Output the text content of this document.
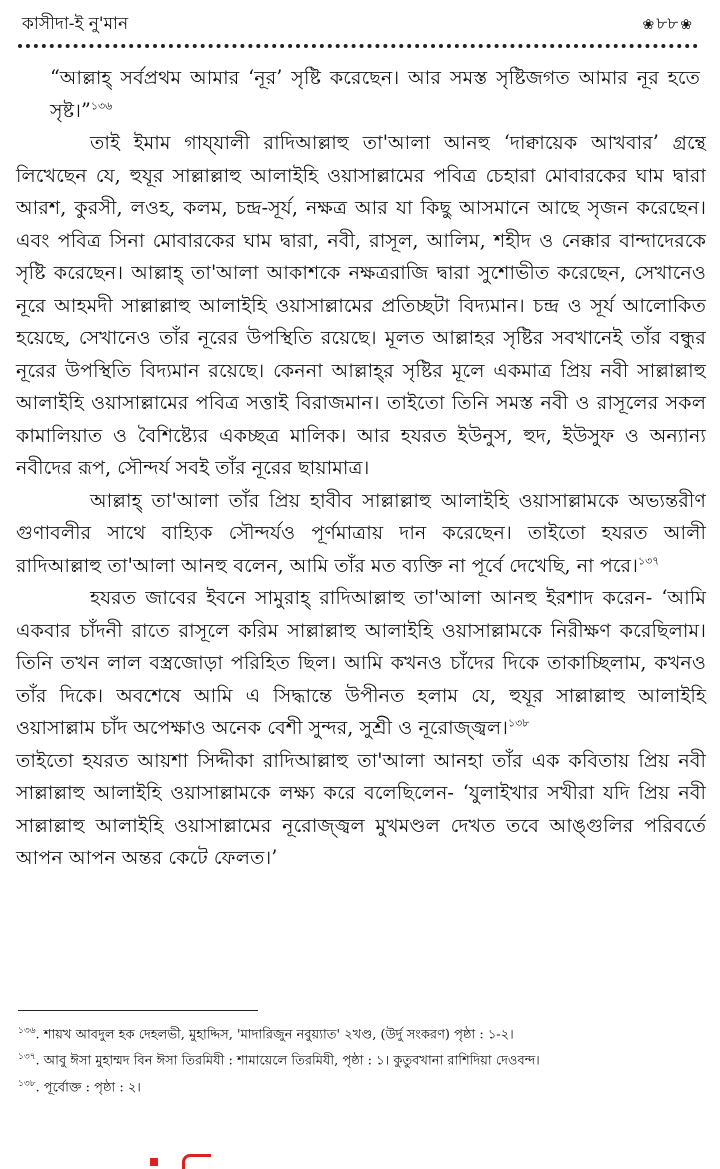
কাসীদা-ই নু'মান	❀ ৮৮ ❀

“আল্লাহ্‌ সর্বপ্রথম আমার ‘নূর’ সৃষ্টি করেছেন। আর সমস্ত সৃষ্টিজগত আমার নূর হতে সৃষ্ট।”$^{১৩৬}$

তাই ইমাম গায্‌যালী রাদিআল্লাহু তা'আলা আনহু ‘দাক্বায়েক আখবার’ গ্রন্থে লিখেছেন যে, হুযূর সাল্লাল্লাহু আলাইহি ওয়াসাল্লামের পবিত্র চেহারা মোবারকের ঘাম দ্বারা আরশ, কুরসী, লওহ, কলম, চন্দ্র-সূর্য, নক্ষত্র আর যা কিছু আসমানে আছে সৃজন করেছেন। এবং পবিত্র সিনা মোবারকের ঘাম দ্বারা, নবী, রাসূল, আলিম, শহীদ ও নেক্কার বান্দাদেরকে সৃষ্টি করেছেন। আল্লাহ্‌ তা'আলা আকাশকে নক্ষত্ররাজি দ্বারা সুশোভীত করেছেন, সেখানেও নূরে আহমদী সাল্লাল্লাহু আলাইহি ওয়াসাল্লামের প্রতিচ্ছটা বিদ্যমান। চন্দ্র ও সূর্য আলোকিত হয়েছে, সেখানেও তাঁর নূরের উপস্থিতি রয়েছে। মূলত আল্লাহর সৃষ্টির সবখানেই তাঁর বন্ধুর নূরের উপস্থিতি বিদ্যমান রয়েছে। কেননা আল্লাহ্‌র সৃষ্টির মূলে একমাত্র প্রিয় নবী সাল্লাল্লাহু আলাইহি ওয়াসাল্লামের পবিত্র সত্তাই বিরাজমান। তাইতো তিনি সমস্ত নবী ও রাসূলের সকল কামালিয়াত ও বৈশিষ্ট্যের একচ্ছত্র মালিক। আর হযরত ইউনুস, হুদ, ইউসুফ ও অন্যান্য নবীদের রূপ, সৌন্দর্য সবই তাঁর নূরের ছায়ামাত্র।

আল্লাহ্‌ তা'আলা তাঁর প্রিয় হাবীব সাল্লাল্লাহু আলাইহি ওয়াসাল্লামকে অভ্যন্তরীণ গুণাবলীর সাথে বাহ্যিক সৌন্দর্যও পূর্ণমাত্রায় দান করেছেন। তাইতো হযরত আলী রাদিআল্লাহু তা'আলা আনহু বলেন, আমি তাঁর মত ব্যক্তি না পূর্বে দেখেছি, না পরে।$^{১৩৭}$

হযরত জাবের ইবনে সামুরাহ্‌ রাদিআল্লাহু তা'আলা আনহু ইরশাদ করেন- ‘আমি একবার চাঁদনী রাতে রাসূলে করিম সাল্লাল্লাহু আলাইহি ওয়াসাল্লামকে নিরীক্ষণ করেছিলাম। তিনি তখন লাল বস্ত্রজোড়া পরিহিত ছিল। আমি কখনও চাঁদের দিকে তাকাচ্ছিলাম, কখনও তাঁর দিকে। অবশেষে আমি এ সিদ্ধান্তে উপীনত হলাম যে, হুযূর সাল্লাল্লাহু আলাইহি ওয়াসাল্লাম চাঁদ অপেক্ষাও অনেক বেশী সুন্দর, সুশ্রী ও নূরোজ্জ্বল।$^{১৩৮}$

তাইতো হযরত আয়শা সিদ্দীকা রাদিআল্লাহু তা'আলা আনহা তাঁর এক কবিতায় প্রিয় নবী সাল্লাল্লাহু আলাইহি ওয়াসাল্লামকে লক্ষ্য করে বলেছিলেন- ‘যুলাইখার সখীরা যদি প্রিয় নবী সাল্লাল্লাহু আলাইহি ওয়াসাল্লামের নূরোজ্জ্বল মুখমণ্ডল দেখত তবে আঙ্গুলির পরিবর্তে আপন আপন অন্তর কেটে ফেলত।’

$^{১৩৬}$. শায়খ আবদুল হক দেহলভী, মুহাদ্দিস, 'মাদারিজুন নবুয়্যাত' ২খণ্ড, (উর্দু সংকরণ) পৃষ্ঠা : ১-২।
$^{১৩৭}$. আবু ঈসা মুহাম্মদ বিন ঈসা তিরমিযী : শামায়েলে তিরমিযী, পৃষ্ঠা : ১। কুতুবখানা রাশিদিয়া দেওবন্দ।
$^{১৩৮}$. পূর্বোক্ত : পৃষ্ঠা : ২।
